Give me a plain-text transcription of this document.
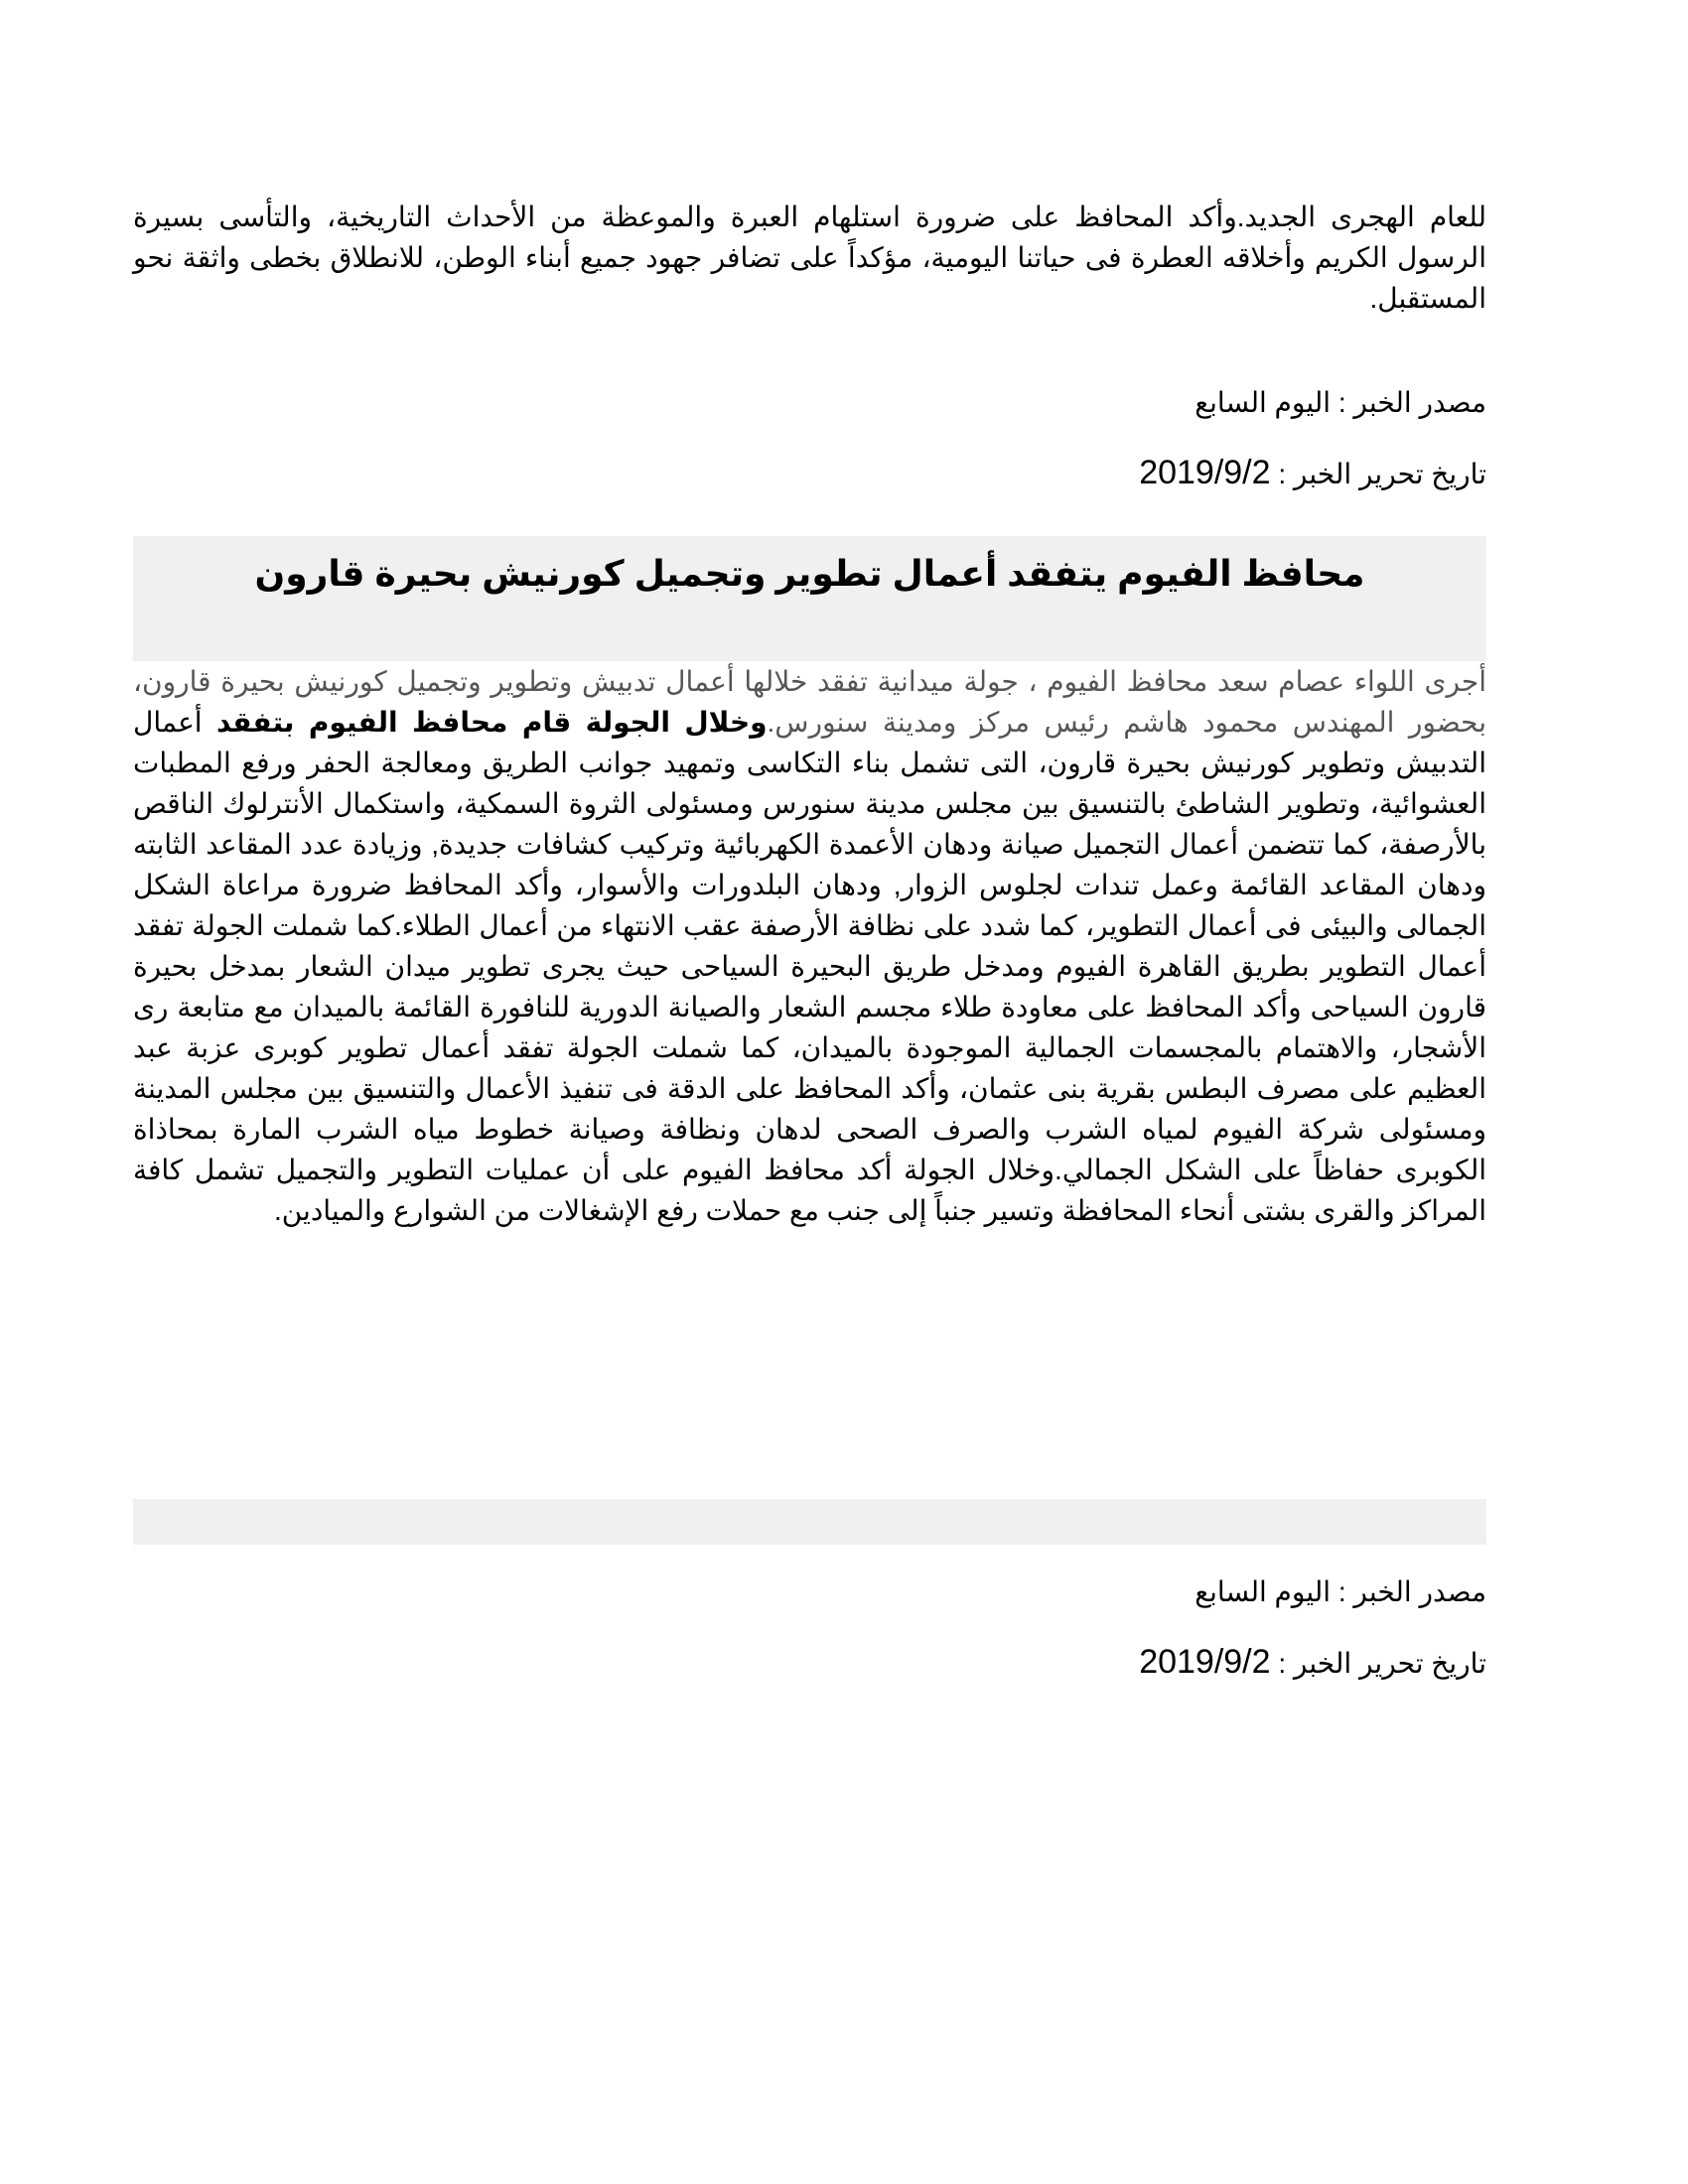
للعام الهجرى الجديد.وأكد المحافظ على ضرورة استلهام العبرة والموعظة من الأحداث التاريخية، والتأسى بسيرة الرسول الكريم وأخلاقه العطرة فى حياتنا اليومية، مؤكداً على تضافر جهود جميع أبناء الوطن، للانطلاق بخطى واثقة نحو المستقبل.

مصدر الخبر : اليوم السابع

تاريخ تحرير الخبر : 2019/9/2

محافظ الفيوم يتفقد أعمال تطوير وتجميل كورنيش بحيرة قارون

أجرى اللواء عصام سعد محافظ الفيوم ، جولة ميدانية تفقد خلالها أعمال تدبيش وتطوير وتجميل كورنيش بحيرة قارون، بحضور المهندس محمود هاشم رئيس مركز ومدينة سنورس.وخلال الجولة قام محافظ الفيوم بتفقد أعمال التدبيش وتطوير كورنيش بحيرة قارون، التى تشمل بناء التكاسى وتمهيد جوانب الطريق ومعالجة الحفر ورفع المطبات العشوائية، وتطوير الشاطئ بالتنسيق بين مجلس مدينة سنورس ومسئولى الثروة السمكية، واستكمال الأنترلوك الناقص بالأرصفة، كما تتضمن أعمال التجميل صيانة ودهان الأعمدة الكهربائية وتركيب كشافات جديدة, وزيادة عدد المقاعد الثابته ودهان المقاعد القائمة وعمل تندات لجلوس الزوار, ودهان البلدورات والأسوار، وأكد المحافظ ضرورة مراعاة الشكل الجمالى والبيئى فى أعمال التطوير، كما شدد على نظافة الأرصفة عقب الانتهاء من أعمال الطلاء.كما شملت الجولة تفقد أعمال التطوير بطريق القاهرة الفيوم ومدخل طريق البحيرة السياحى حيث يجرى تطوير ميدان الشعار بمدخل بحيرة قارون السياحى وأكد المحافظ على معاودة طلاء مجسم الشعار والصيانة الدورية للنافورة القائمة بالميدان مع متابعة رى الأشجار، والاهتمام بالمجسمات الجمالية الموجودة بالميدان، كما شملت الجولة تفقد أعمال تطوير كوبرى عزبة عبد العظيم على مصرف البطس بقرية بنى عثمان، وأكد المحافظ على الدقة فى تنفيذ الأعمال والتنسيق بين مجلس المدينة ومسئولى شركة الفيوم لمياه الشرب والصرف الصحى لدهان ونظافة وصيانة خطوط مياه الشرب المارة بمحاذاة الكوبرى حفاظاً على الشكل الجمالي.وخلال الجولة أكد محافظ الفيوم على أن عمليات التطوير والتجميل تشمل كافة المراكز والقرى بشتى أنحاء المحافظة وتسير جنباً إلى جنب مع حملات رفع الإشغالات من الشوارع والميادين.

مصدر الخبر : اليوم السابع

تاريخ تحرير الخبر : 2019/9/2
